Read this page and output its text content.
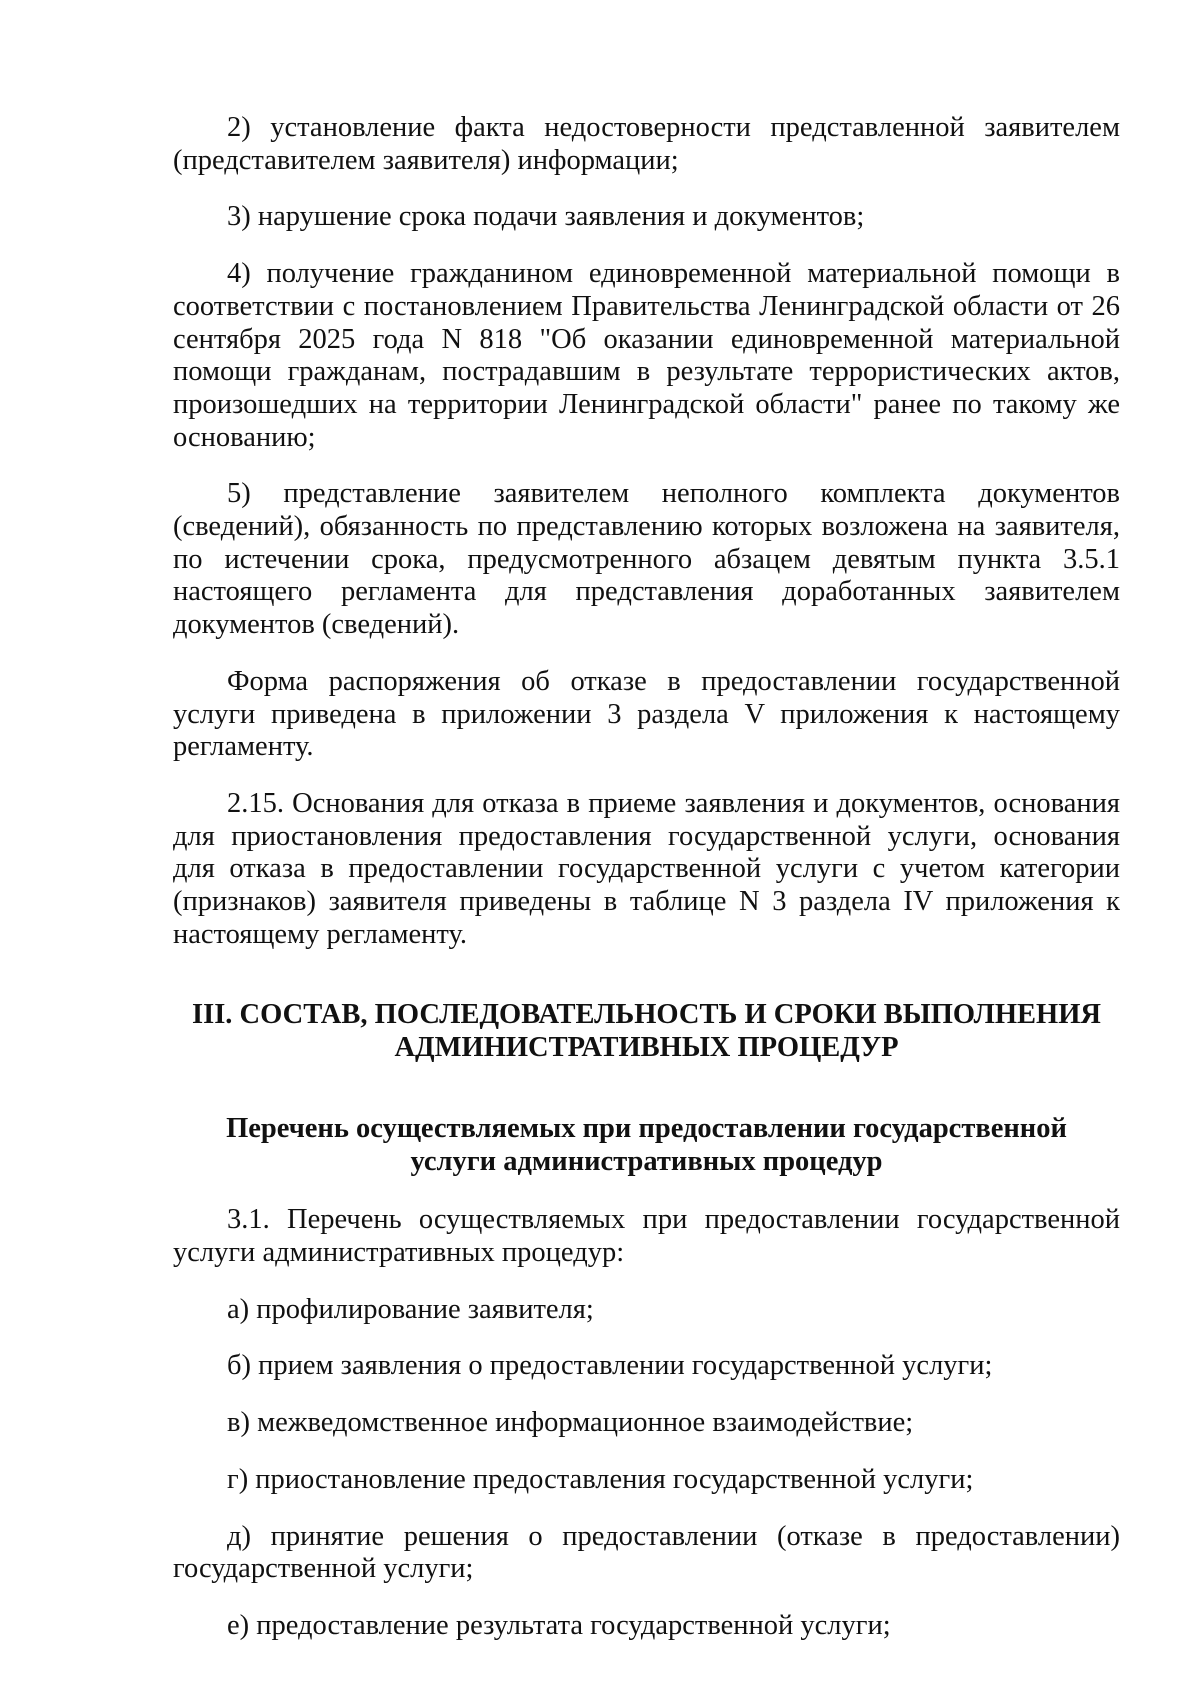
2) установление факта недостоверности представленной заявителем (представителем заявителя) информации;

3) нарушение срока подачи заявления и документов;

4) получение гражданином единовременной материальной помощи в соответствии с постановлением Правительства Ленинградской области от 26 сентября 2025 года N 818 "Об оказании единовременной материальной помощи гражданам, пострадавшим в результате террористических актов, произошедших на территории Ленинградской области" ранее по такому же основанию;

5) представление заявителем неполного комплекта документов (сведений), обязанность по представлению которых возложена на заявителя, по истечении срока, предусмотренного абзацем девятым пункта 3.5.1 настоящего регламента для представления доработанных заявителем документов (сведений).

Форма распоряжения об отказе в предоставлении государственной услуги приведена в приложении 3 раздела V приложения к настоящему регламенту.

2.15. Основания для отказа в приеме заявления и документов, основания для приостановления предоставления государственной услуги, основания для отказа в предоставлении государственной услуги с учетом категории (признаков) заявителя приведены в таблице N 3 раздела IV приложения к настоящему регламенту.

III. СОСТАВ, ПОСЛЕДОВАТЕЛЬНОСТЬ И СРОКИ ВЫПОЛНЕНИЯ
АДМИНИСТРАТИВНЫХ ПРОЦЕДУР
Перечень осуществляемых при предоставлении государственной
услуги административных процедур

3.1. Перечень осуществляемых при предоставлении государственной услуги административных процедур:

а) профилирование заявителя;

б) прием заявления о предоставлении государственной услуги;

в) межведомственное информационное взаимодействие;

г) приостановление предоставления государственной услуги;

д) принятие решения о предоставлении (отказе в предоставлении) государственной услуги;

е) предоставление результата государственной услуги;
